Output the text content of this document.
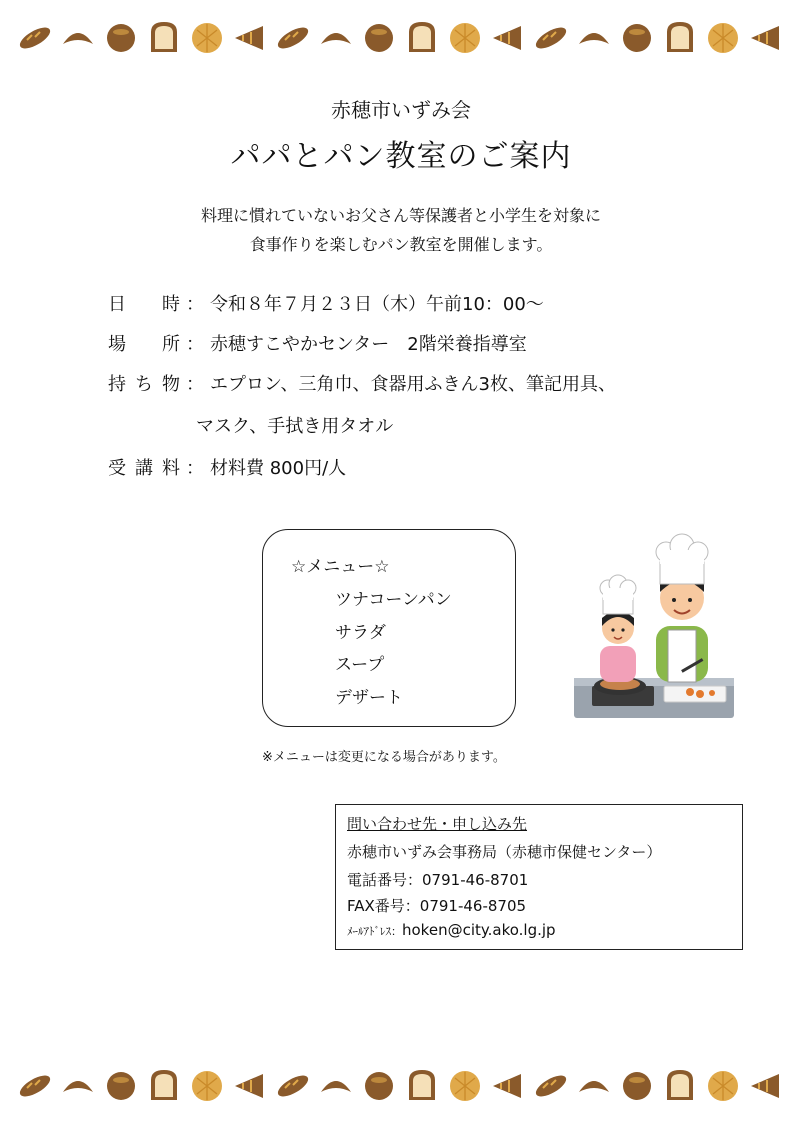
赤穂市いずみ会
パパとパン教室のご案内
料理に慣れていないお父さん等保護者と小学生を対象に
食事作りを楽しむパン教室を開催します。
日　時 ： 令和８年７月２３日（木）午前10：00～
場　所 ： 赤穂すこやかセンター　2階栄養指導室
持ち物 ： エプロン、三角巾、食器用ふきん3枚、筆記用具、
マスク、手拭き用タオル
受講料 ： 材料費 800円/人
☆メニュー☆
ツナコーンパン
サラダ
スープ
デザート
※メニューは変更になる場合があります。
問い合わせ先・申し込み先
赤穂市いずみ会事務局（赤穂市保健センター）
電話番号：0791-46-8701
FAX番号：0791-46-8705
ﾒｰﾙｱﾄﾞﾚｽ：hoken@city.ako.lg.jp
